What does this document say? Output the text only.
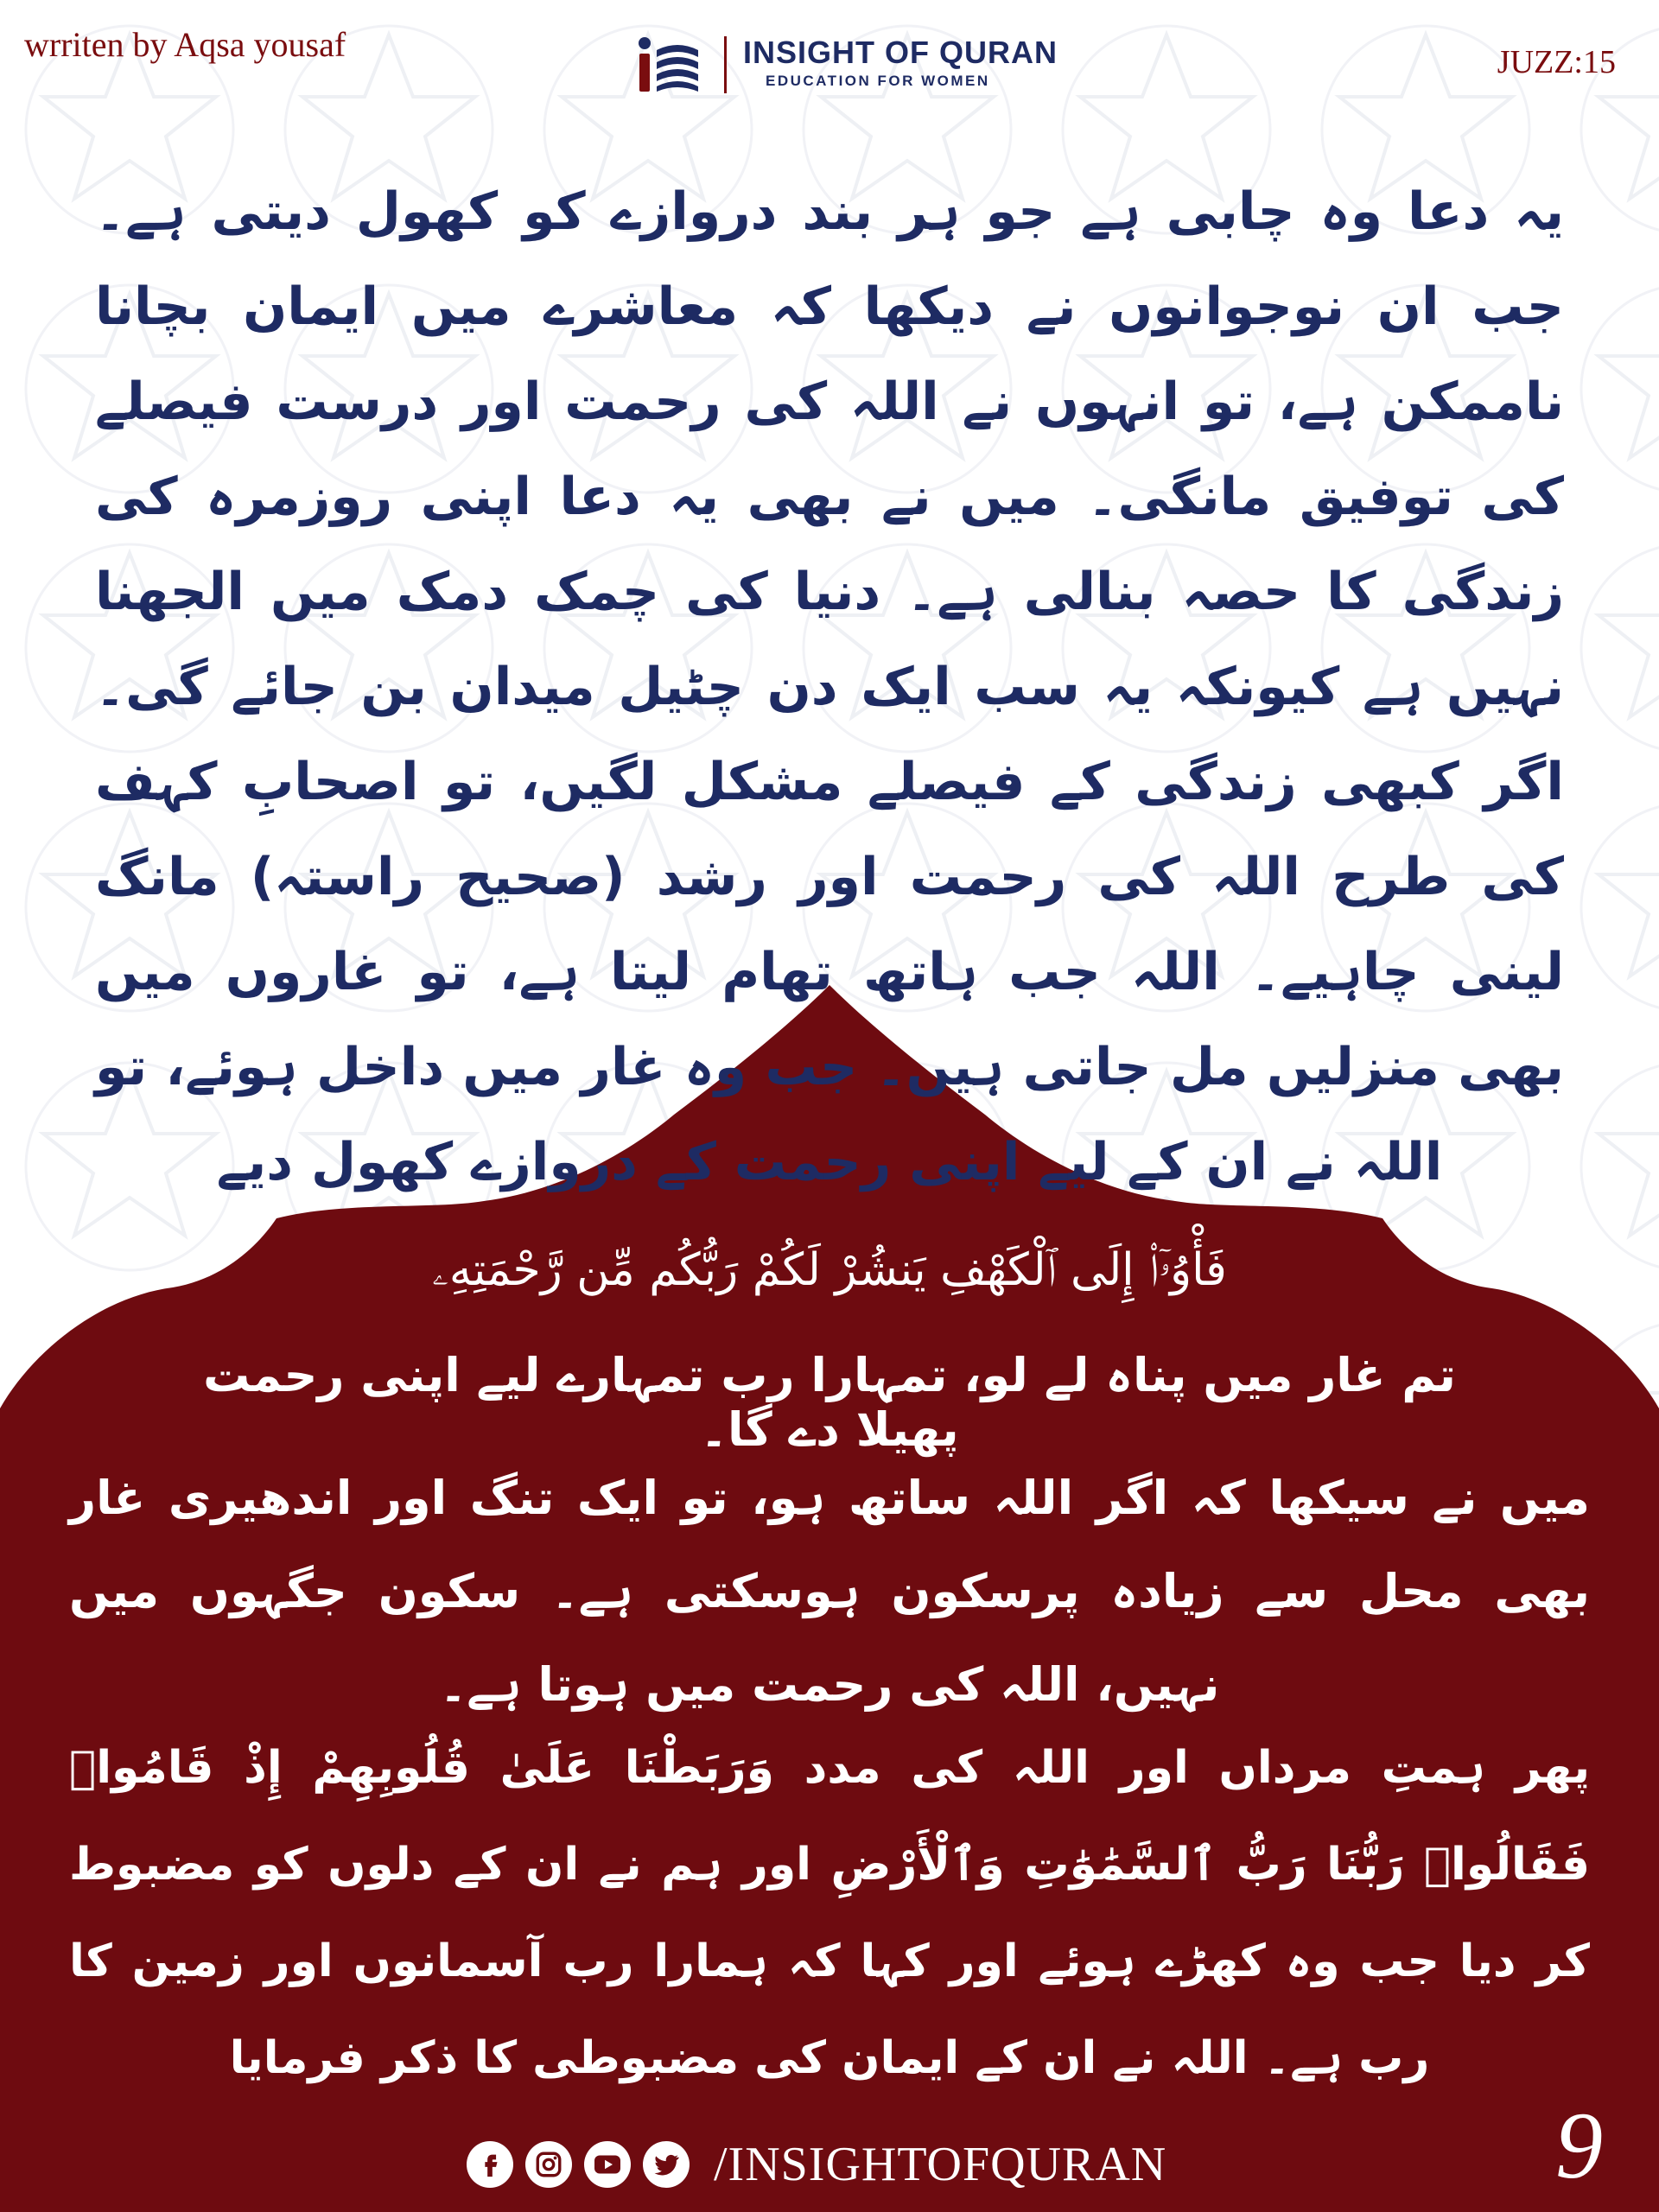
wrriten by Aqsa yousaf	INSIGHT OF QURAN
EDUCATION FOR WOMEN
JUZZ:15
یہ دعا وہ چابی ہے جو ہر بند دروازے کو کھول دیتی ہے۔ جب ان نوجوانوں نے دیکھا کہ معاشرے میں ایمان بچانا ناممکن ہے، تو انہوں نے اللہ کی رحمت اور درست فیصلے کی توفیق مانگی۔ میں نے بھی یہ دعا اپنی روزمرہ کی زندگی کا حصہ بنالی ہے۔ دنیا کی چمک دمک میں الجھنا نہیں ہے کیونکہ یہ سب ایک دن چٹیل میدان بن جائے گی۔ اگر کبھی زندگی کے فیصلے مشکل لگیں، تو اصحابِ کہف کی طرح اللہ کی رحمت اور رشد (صحیح راستہ) مانگ لینی چاہیے۔ اللہ جب ہاتھ تھام لیتا ہے، تو غاروں میں بھی منزلیں مل جاتی ہیں۔ جب وہ غار میں داخل ہوئے، تو اللہ نے ان کے لیے اپنی رحمت کے دروازے کھول دیے
فَأْوُۥٓا۟ إِلَى ٱلْكَهْفِ يَنشُرْ لَكُمْ رَبُّكُم مِّن رَّحْمَتِهِۦ
تم غار میں پناہ لے لو، تمہارا رب تمہارے لیے اپنی رحمت پھیلا دے گا۔
میں نے سیکھا کہ اگر اللہ ساتھ ہو، تو ایک تنگ اور اندھیری غار بھی محل سے زیادہ پرسکون ہوسکتی ہے۔ سکون جگہوں میں نہیں، اللہ کی رحمت میں ہوتا ہے۔
پھر ہمتِ مرداں اور اللہ کی مدد وَرَبَطْنَا عَلَىٰ قُلُوبِهِمْ إِذْ قَامُوا۟ فَقَالُوا۟ رَبُّنَا رَبُّ ٱلسَّمَٰوَٰتِ وَٱلْأَرْضِ اور ہم نے ان کے دلوں کو مضبوط کر دیا جب وہ کھڑے ہوئے اور کہا کہ ہمارا رب آسمانوں اور زمین کا رب ہے۔ اللہ نے ان کے ایمان کی مضبوطی کا ذکر فرمایا
/INSIGHTOFQURAN	9
